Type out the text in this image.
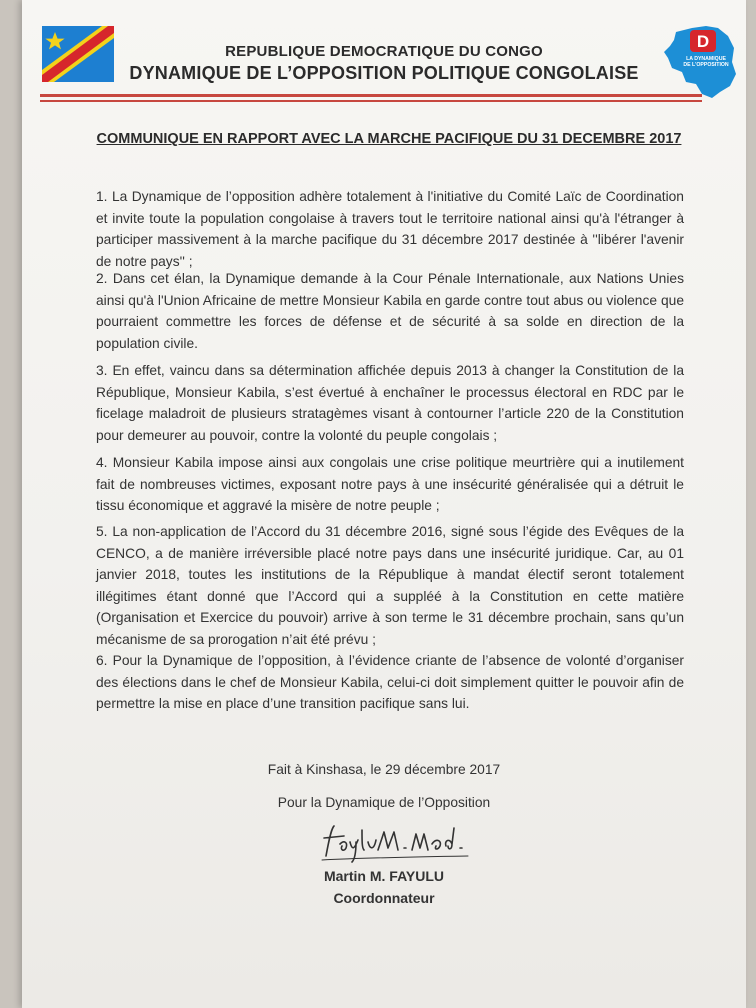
REPUBLIQUE DEMOCRATIQUE DU CONGO
DYNAMIQUE DE L’OPPOSITION POLITIQUE CONGOLAISE
D
LA DYNAMIQUE
DE L'OPPOSITION
COMMUNIQUE EN RAPPORT AVEC LA MARCHE PACIFIQUE DU 31 DECEMBRE 2017
1. La Dynamique de l’opposition adhère totalement à l'initiative du Comité Laïc de Coordination et invite toute la population congolaise à travers tout le territoire national ainsi qu'à l'étranger à participer massivement à la marche pacifique du 31 décembre 2017 destinée à ''libérer l'avenir de notre pays'' ;
2. Dans cet élan, la Dynamique demande à la Cour Pénale Internationale, aux Nations Unies ainsi qu'à l'Union Africaine de mettre Monsieur Kabila en garde contre tout abus ou violence que pourraient commettre les forces de défense et de sécurité à sa solde en direction de la population civile.
3. En effet, vaincu dans sa détermination affichée depuis 2013 à changer la Constitution de la République, Monsieur Kabila, s’est évertué à enchaîner le processus électoral en RDC par le ficelage maladroit de plusieurs stratagèmes visant à contourner l’article 220 de la Constitution pour demeurer au pouvoir, contre la volonté du peuple congolais ;
4. Monsieur Kabila impose ainsi aux congolais une crise politique meurtrière qui a inutilement fait de nombreuses victimes, exposant notre pays à une insécurité généralisée qui a détruit le tissu économique et aggravé la misère de notre peuple ;
5. La non-application de l’Accord du 31 décembre 2016, signé sous l’égide des Evêques de la CENCO, a de manière irréversible placé notre pays dans une insécurité juridique. Car, au 01 janvier 2018, toutes les institutions de la République à mandat électif seront totalement illégitimes étant donné que l’Accord qui a suppléé à la Constitution en cette matière (Organisation et Exercice du pouvoir) arrive à son terme le 31 décembre prochain, sans qu’un mécanisme de sa prorogation n’ait été prévu ;
6. Pour la Dynamique de l’opposition, à l’évidence criante de l’absence de volonté d’organiser des élections dans le chef de Monsieur Kabila, celui-ci doit simplement quitter le pouvoir afin de permettre la mise en place d’une transition pacifique sans lui.
Fait à Kinshasa, le 29 décembre 2017
Pour la Dynamique de l’Opposition
Martin M. FAYULU
Coordonnateur
